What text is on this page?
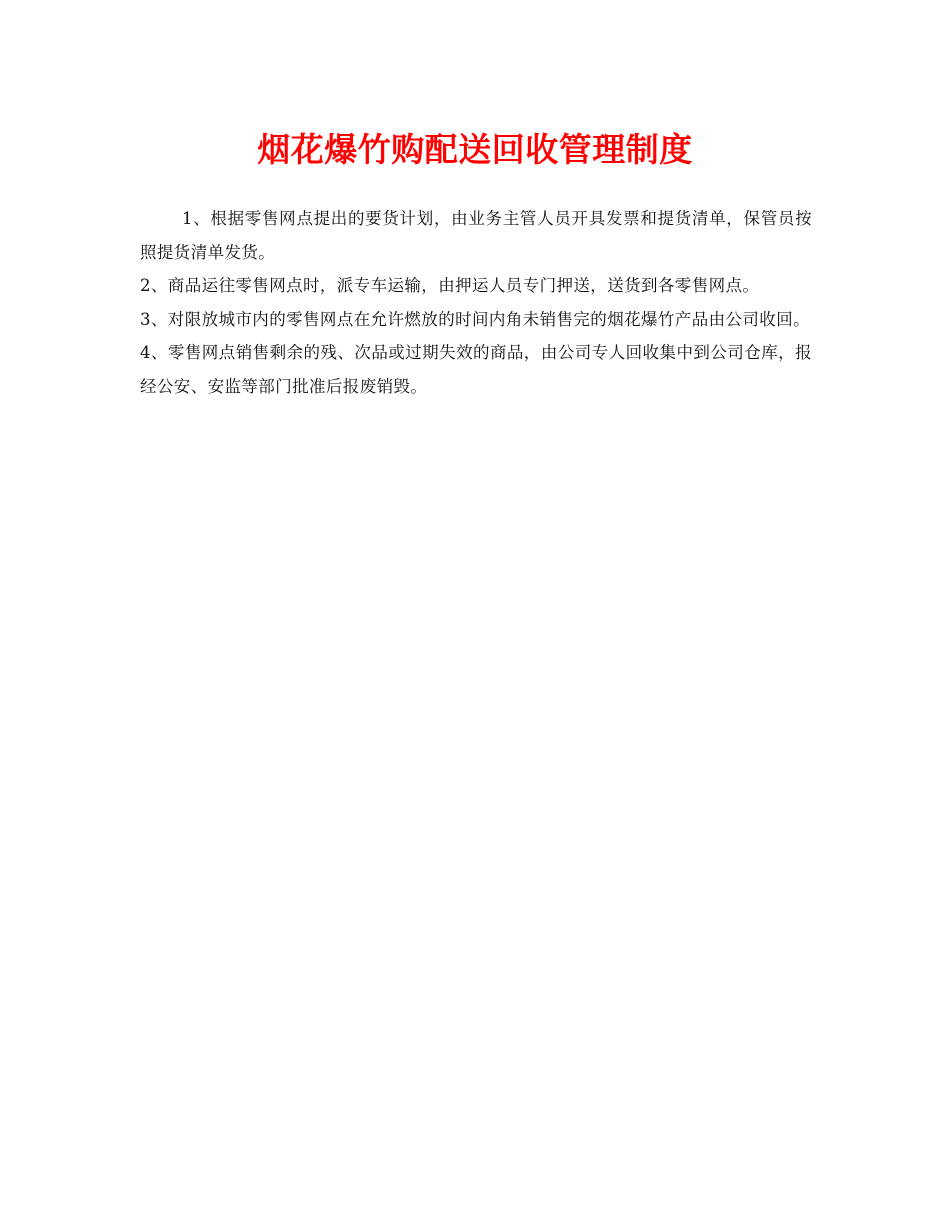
烟花爆竹购配送回收管理制度

1、根据零售网点提出的要货计划，由业务主管人员开具发票和提货清单，保管员按照提货清单发货。

2、商品运往零售网点时，派专车运输，由押运人员专门押送，送货到各零售网点。

3、对限放城市内的零售网点在允许燃放的时间内角未销售完的烟花爆竹产品由公司收回。

4、零售网点销售剩余的残、次品或过期失效的商品，由公司专人回收集中到公司仓库，报经公安、安监等部门批准后报废销毁。
